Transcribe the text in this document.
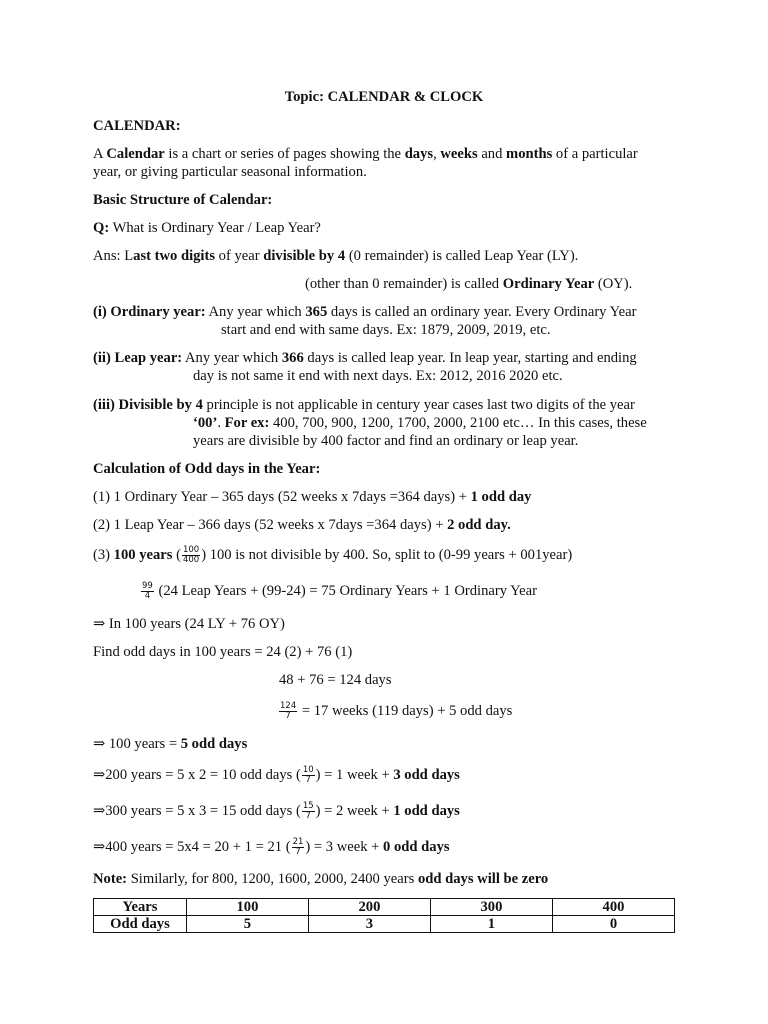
Topic: CALENDAR & CLOCK
CALENDAR:
A Calendar is a chart or series of pages showing the days, weeks and months of a particular
year, or giving particular seasonal information.
Basic Structure of Calendar:
Q: What is Ordinary Year / Leap Year?
Ans: Last two digits of year divisible by 4 (0 remainder) is called Leap Year (LY).
(other than 0 remainder) is called Ordinary Year (OY).
(i) Ordinary year: Any year which 365 days is called an ordinary year. Every Ordinary Year
start and end with same days. Ex: 1879, 2009, 2019, etc.
(ii) Leap year: Any year which 366 days is called leap year. In leap year, starting and ending
day is not same it end with next days. Ex: 2012, 2016 2020 etc.
(iii) Divisible by 4 principle is not applicable in century year cases last two digits of the year
‘00’. For ex: 400, 700, 900, 1200, 1700, 2000, 2100 etc… In this cases, these
years are divisible by 400 factor and find an ordinary or leap year.
Calculation of Odd days in the Year:
(1) 1 Ordinary Year – 365 days (52 weeks x 7days =364 days) + 1 odd day
(2) 1 Leap Year – 366 days (52 weeks x 7days =364 days) + 2 odd day.
(3) 100 years ( $\frac{100}{400}$ ) 100 is not divisible by 400. So, split to (0-99 years + 001year)
$\frac{99}{4} (24$ Leap Years + (99-24) = 75 Ordinary Years + 1 Ordinary Year
⇒ In 100 years (24 LY + 76 OY)
Find odd days in 100 years = 24 (2) + 76 (1)
48 + 76 = 124 days
$\frac{124}{7} = 17$ weeks (119 days) + 5 odd days
⇒ 100 years = 5 odd days
⇒200 years = 5 x 2 = 10 odd days ( $\frac{10}{7}$ ) = 1 week + 3 odd days
⇒300 years = 5 x 3 = 15 odd days ( $\frac{15}{7}$ ) = 2 week + 1 odd days
⇒400 years = 5x4 = 20 + 1 = 21 ( $\frac{21}{7}$ ) = 3 week + 0 odd days
Note: Similarly, for 800, 1200, 1600, 2000, 2400 years odd days will be zero
Years	100	200	300	400
Odd days	5	3	1	0
